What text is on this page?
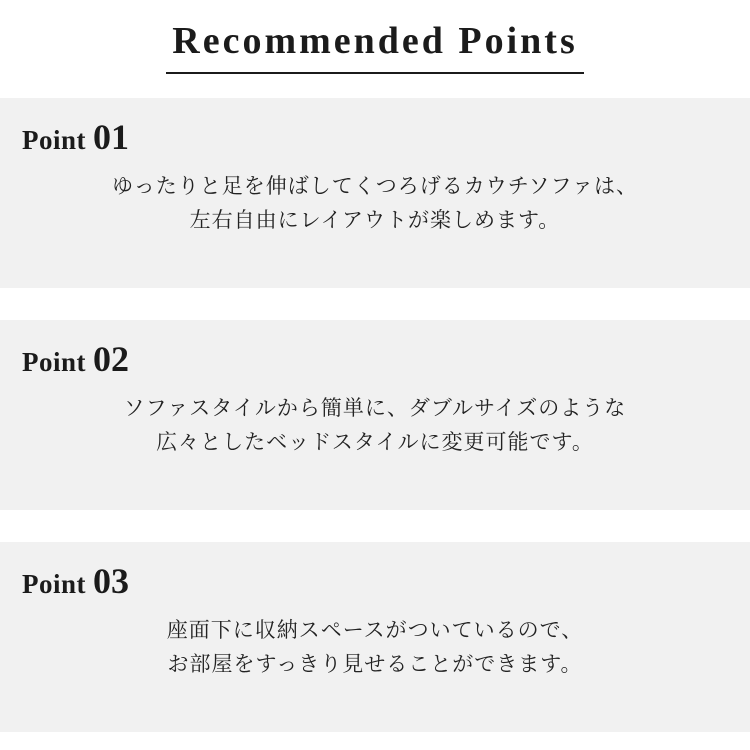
Recommended Points
Point 01
ゆったりと足を伸ばしてくつろげるカウチソファは、
左右自由にレイアウトが楽しめます。
Point 02
ソファスタイルから簡単に、ダブルサイズのような
広々としたベッドスタイルに変更可能です。
Point 03
座面下に収納スペースがついているので、
お部屋をすっきり見せることができます。
